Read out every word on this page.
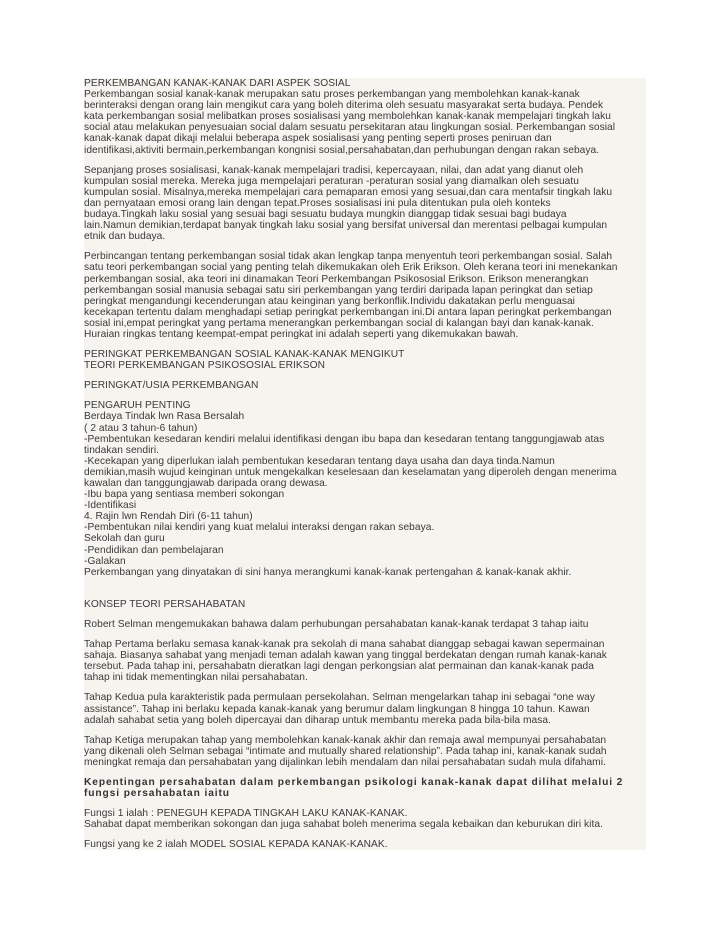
PERKEMBANGAN KANAK-KANAK DARI ASPEK SOSIAL
Perkembangan sosial kanak-kanak merupakan satu proses perkembangan yang membolehkan kanak-kanak
berinteraksi dengan orang lain mengikut cara yang boleh diterima oleh sesuatu masyarakat serta budaya. Pendek
kata perkembangan sosial melibatkan proses sosialisasi yang membolehkan kanak-kanak mempelajari tingkah laku
social atau melakukan penyesuaian social dalam sesuatu persekitaran atau lingkungan sosial. Perkembangan sosial
kanak-kanak dapat dikaji melalui beberapa aspek sosialisasi yang penting seperti proses peniruan dan
identifikasi,aktiviti bermain,perkembangan kongnisi sosial,persahabatan,dan perhubungan dengan rakan sebaya.
Sepanjang proses sosialisasi, kanak-kanak mempelajari tradisi, kepercayaan, nilai, dan adat yang dianut oleh
kumpulan sosial mereka. Mereka juga mempelajari peraturan -peraturan sosial yang diamalkan oleh sesuatu
kumpulan sosial. Misalnya,mereka mempelajari cara pemaparan emosi yang sesuai,dan cara mentafsir tingkah laku
dan pernyataan emosi orang lain dengan tepat.Proses sosialisasi ini pula ditentukan pula oleh konteks
budaya.Tingkah laku sosial yang sesuai bagi sesuatu budaya mungkin dianggap tidak sesuai bagi budaya
lain.Namun demikian,terdapat banyak tingkah laku sosial yang bersifat universal dan merentasi pelbagai kumpulan
etnik dan budaya.
Perbincangan tentang perkembangan sosial tidak akan lengkap tanpa menyentuh teori perkembangan sosial. Salah
satu teori perkembangan social yang penting telah dikemukakan oleh Erik Erikson. Oleh kerana teori ini menekankan
perkembangan sosial, aka teori ini dinamakan Teori Perkembangan Psikososial Erikson. Erikson menerangkan
perkembangan sosial manusia sebagai satu siri perkembangan yang terdiri daripada lapan peringkat dan setiap
peringkat mengandungi kecenderungan atau keinginan yang berkonflik.Individu dakatakan perlu menguasai
kecekapan tertentu dalam menghadapi setiap peringkat perkembangan ini.Di antara lapan peringkat perkembangan
sosial ini,empat peringkat yang pertama menerangkan perkembangan social di kalangan bayi dan kanak-kanak.
Huraian ringkas tentang keempat-empat peringkat ini adalah seperti yang dikemukakan bawah.
PERINGKAT PERKEMBANGAN SOSIAL KANAK-KANAK MENGIKUT
TEORI PERKEMBANGAN PSIKOSOSIAL ERIKSON
PERINGKAT/USIA PERKEMBANGAN
PENGARUH PENTING
Berdaya Tindak lwn Rasa Bersalah
( 2 atau 3 tahun-6 tahun)
-Pembentukan kesedaran kendiri melalui identifikasi dengan ibu bapa dan kesedaran tentang tanggungjawab atas
tindakan sendiri.
-Kecekapan yang diperlukan ialah pembentukan kesedaran tentang daya usaha dan daya tinda.Namun
demikian,masih wujud keinginan untuk mengekalkan keselesaan dan keselamatan yang diperoleh dengan menerima
kawalan dan tanggungjawab daripada orang dewasa.
-Ibu bapa yang sentiasa memberi sokongan
-Identifikasi
4. Rajin lwn Rendah Diri (6-11 tahun)
-Pembentukan nilai kendiri yang kuat melalui interaksi dengan rakan sebaya.
Sekolah dan guru
-Pendidikan dan pembelajaran
-Galakan
Perkembangan yang dinyatakan di sini hanya merangkumi kanak-kanak pertengahan & kanak-kanak akhir.
KONSEP TEORI PERSAHABATAN
Robert Selman mengemukakan bahawa dalam perhubungan persahabatan kanak-kanak terdapat 3 tahap iaitu
Tahap Pertama berlaku semasa kanak-kanak pra sekolah di mana sahabat dianggap sebagai kawan sepermainan
sahaja. Biasanya sahabat yang menjadi teman adalah kawan yang tinggal berdekatan dengan rumah kanak-kanak
tersebut. Pada tahap ini, persahabatn dieratkan lagi dengan perkongsian alat permainan dan kanak-kanak pada
tahap ini tidak mementingkan nilai persahabatan.
Tahap Kedua pula karakteristik pada permulaan persekolahan. Selman mengelarkan tahap ini sebagai “one way
assistance”. Tahap ini berlaku kepada kanak-kanak yang berumur dalam lingkungan 8 hingga 10 tahun. Kawan
adalah sahabat setia yang boleh dipercayai dan diharap untuk membantu mereka pada bila-bila masa.
Tahap Ketiga merupakan tahap yang membolehkan kanak-kanak akhir dan remaja awal mempunyai persahabatan
yang dikenali oleh Selman sebagai “intimate and mutually shared relationship”. Pada tahap ini, kanak-kanak sudah
meningkat remaja dan persahabatan yang dijalinkan lebih mendalam dan nilai persahabatan sudah mula difahami.
Kepentingan persahabatan dalam perkembangan psikologi kanak-kanak dapat dilihat melalui 2
fungsi persahabatan iaitu
Fungsi 1 ialah : PENEGUH KEPADA TINGKAH LAKU KANAK-KANAK.
Sahabat dapat memberikan sokongan dan juga sahabat boleh menerima segala kebaikan dan keburukan diri kita.
Fungsi yang ke 2 ialah MODEL SOSIAL KEPADA KANAK-KANAK.
